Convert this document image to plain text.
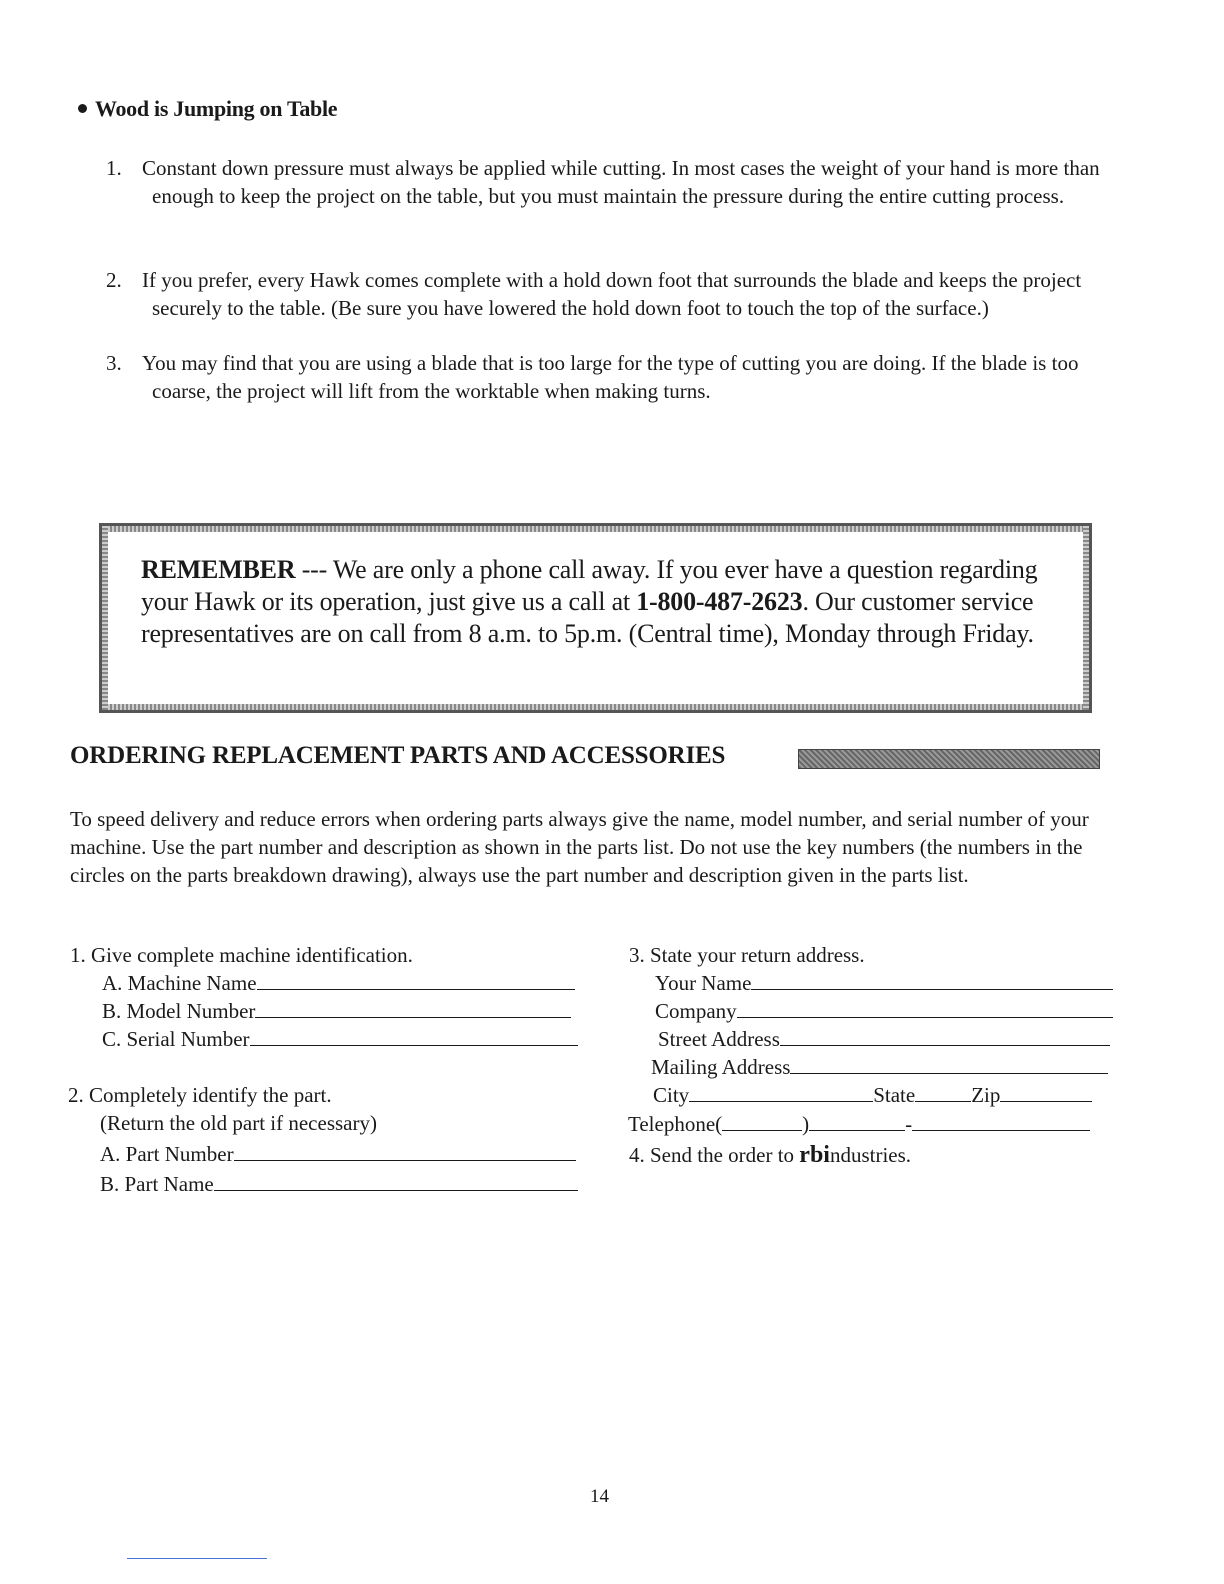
Wood is Jumping on Table
1. Constant down pressure must always be applied while cutting. In most cases the weight of your hand is more than enough to keep the project on the table, but you must maintain the pressure during the entire cutting process.
2. If you prefer, every Hawk comes complete with a hold down foot that surrounds the blade and keeps the project securely to the table. (Be sure you have lowered the hold down foot to touch the top of the surface.)
3. You may find that you are using a blade that is too large for the type of cutting you are doing. If the blade is too coarse, the project will lift from the worktable when making turns.
REMEMBER --- We are only a phone call away. If you ever have a question regarding your Hawk or its operation, just give us a call at 1-800-487-2623. Our customer service representatives are on call from 8 a.m. to 5p.m. (Central time), Monday through Friday.
ORDERING REPLACEMENT PARTS AND ACCESSORIES
To speed delivery and reduce errors when ordering parts always give the name, model number, and serial number of your machine. Use the part number and description as shown in the parts list. Do not use the key numbers (the numbers in the circles on the parts breakdown drawing), always use the part number and description given in the parts list.
1. Give complete machine identification.
A. Machine Name
B. Model Number
C. Serial Number
2. Completely identify the part.
(Return the old part if necessary)
A. Part Number
B. Part Name
3. State your return address.
Your Name
Company
Street Address
Mailing Address
City	State	Zip
Telephone(	)	-
4. Send the order to rbindustries.
14
